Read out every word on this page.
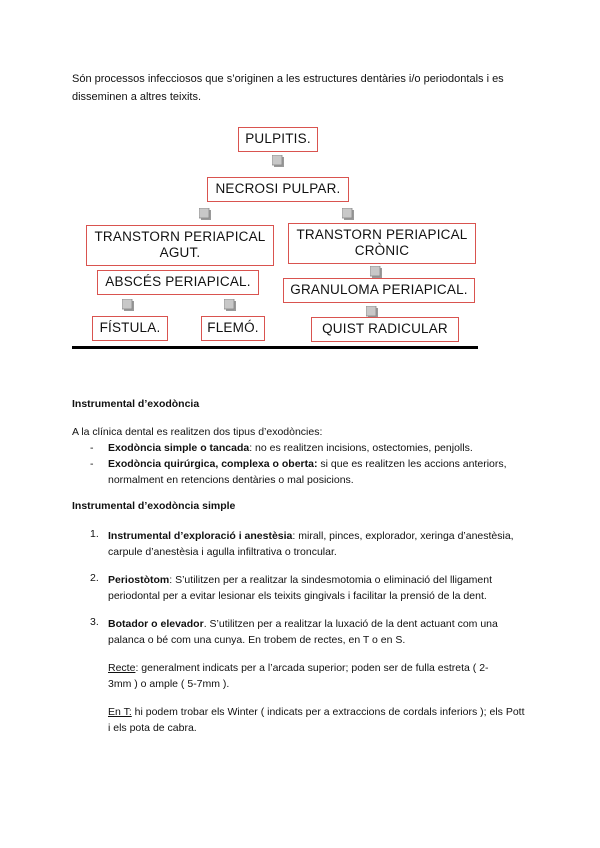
Són processos infecciosos que s’originen a les estructures dentàries i/o periodontals i es disseminen a altres teixits.
PULPITIS.
NECROSI PULPAR.
TRANSTORN PERIAPICAL
AGUT.
TRANSTORN PERIAPICAL
CRÒNIC
ABSCÉS PERIAPICAL.
GRANULOMA PERIAPICAL.
FÍSTULA.	FLEMÓ.	QUIST RADICULAR
Instrumental d’exodòncia
A la clínica dental es realitzen dos tipus d’exodòncies:
- Exodòncia simple o tancada: no es realitzen incisions, ostectomies, penjolls.
- Exodòncia quirúrgica, complexa o oberta: si que es realitzen les accions anteriors, normalment en retencions dentàries o mal posicions.
Instrumental d’exodòncia simple
1. Instrumental d’exploració i anestèsia: mirall, pinces, explorador, xeringa d’anestèsia, carpule d’anestèsia i agulla infiltrativa o troncular.
2. Periostòtom: S’utilitzen per a realitzar la sindesmotomia o eliminació del lligament periodontal per a evitar lesionar els teixits gingivals i facilitar la prensió de la dent.
3. Botador o elevador. S’utilitzen per a realitzar la luxació de la dent actuant com una palanca o bé com una cunya. En trobem de rectes, en T o en S.
Recte: generalment indicats per a l’arcada superior; poden ser de fulla estreta ( 2-3mm ) o ample ( 5-7mm ).
En T: hi podem trobar els Winter ( indicats per a extraccions de cordals inferiors ); els Pott i els pota de cabra.
